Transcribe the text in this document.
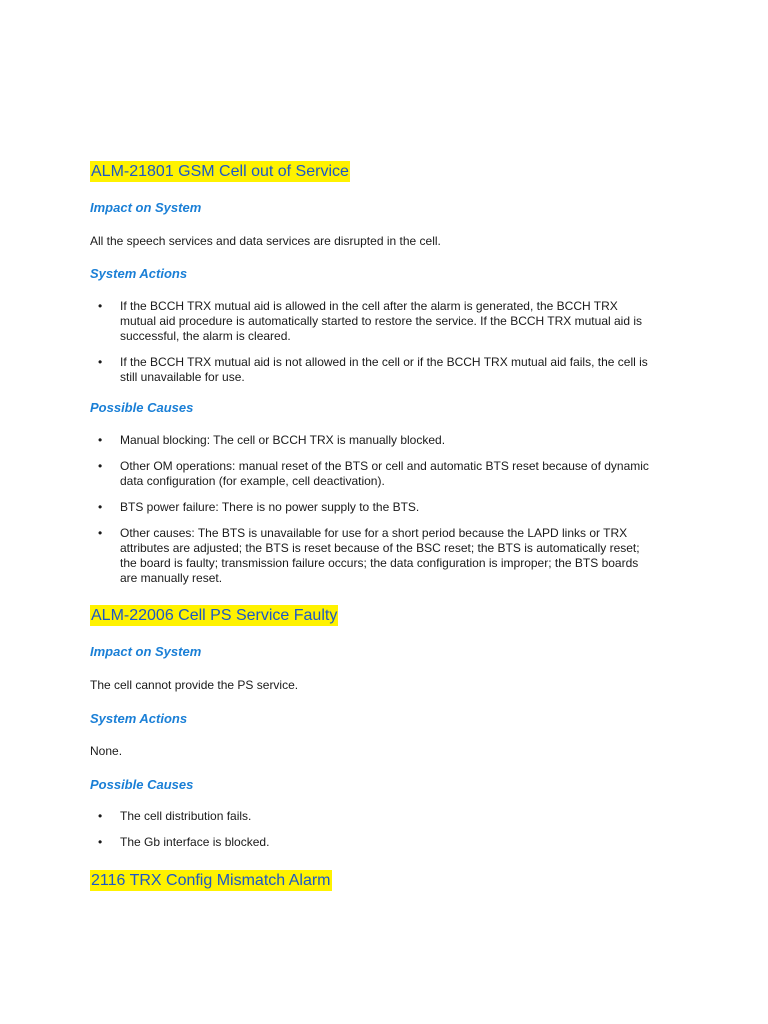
ALM-21801 GSM Cell out of Service
Impact on System
All the speech services and data services are disrupted in the cell.
System Actions
• If the BCCH TRX mutual aid is allowed in the cell after the alarm is generated, the BCCH TRX
mutual aid procedure is automatically started to restore the service. If the BCCH TRX mutual aid is
successful, the alarm is cleared.
• If the BCCH TRX mutual aid is not allowed in the cell or if the BCCH TRX mutual aid fails, the cell is
still unavailable for use.
Possible Causes
• Manual blocking: The cell or BCCH TRX is manually blocked.
• Other OM operations: manual reset of the BTS or cell and automatic BTS reset because of dynamic
data configuration (for example, cell deactivation).
• BTS power failure: There is no power supply to the BTS.
• Other causes: The BTS is unavailable for use for a short period because the LAPD links or TRX
attributes are adjusted; the BTS is reset because of the BSC reset; the BTS is automatically reset;
the board is faulty; transmission failure occurs; the data configuration is improper; the BTS boards
are manually reset.
ALM-22006 Cell PS Service Faulty
Impact on System
The cell cannot provide the PS service.
System Actions
None.
Possible Causes
• The cell distribution fails.
• The Gb interface is blocked.
2116 TRX Config Mismatch Alarm
